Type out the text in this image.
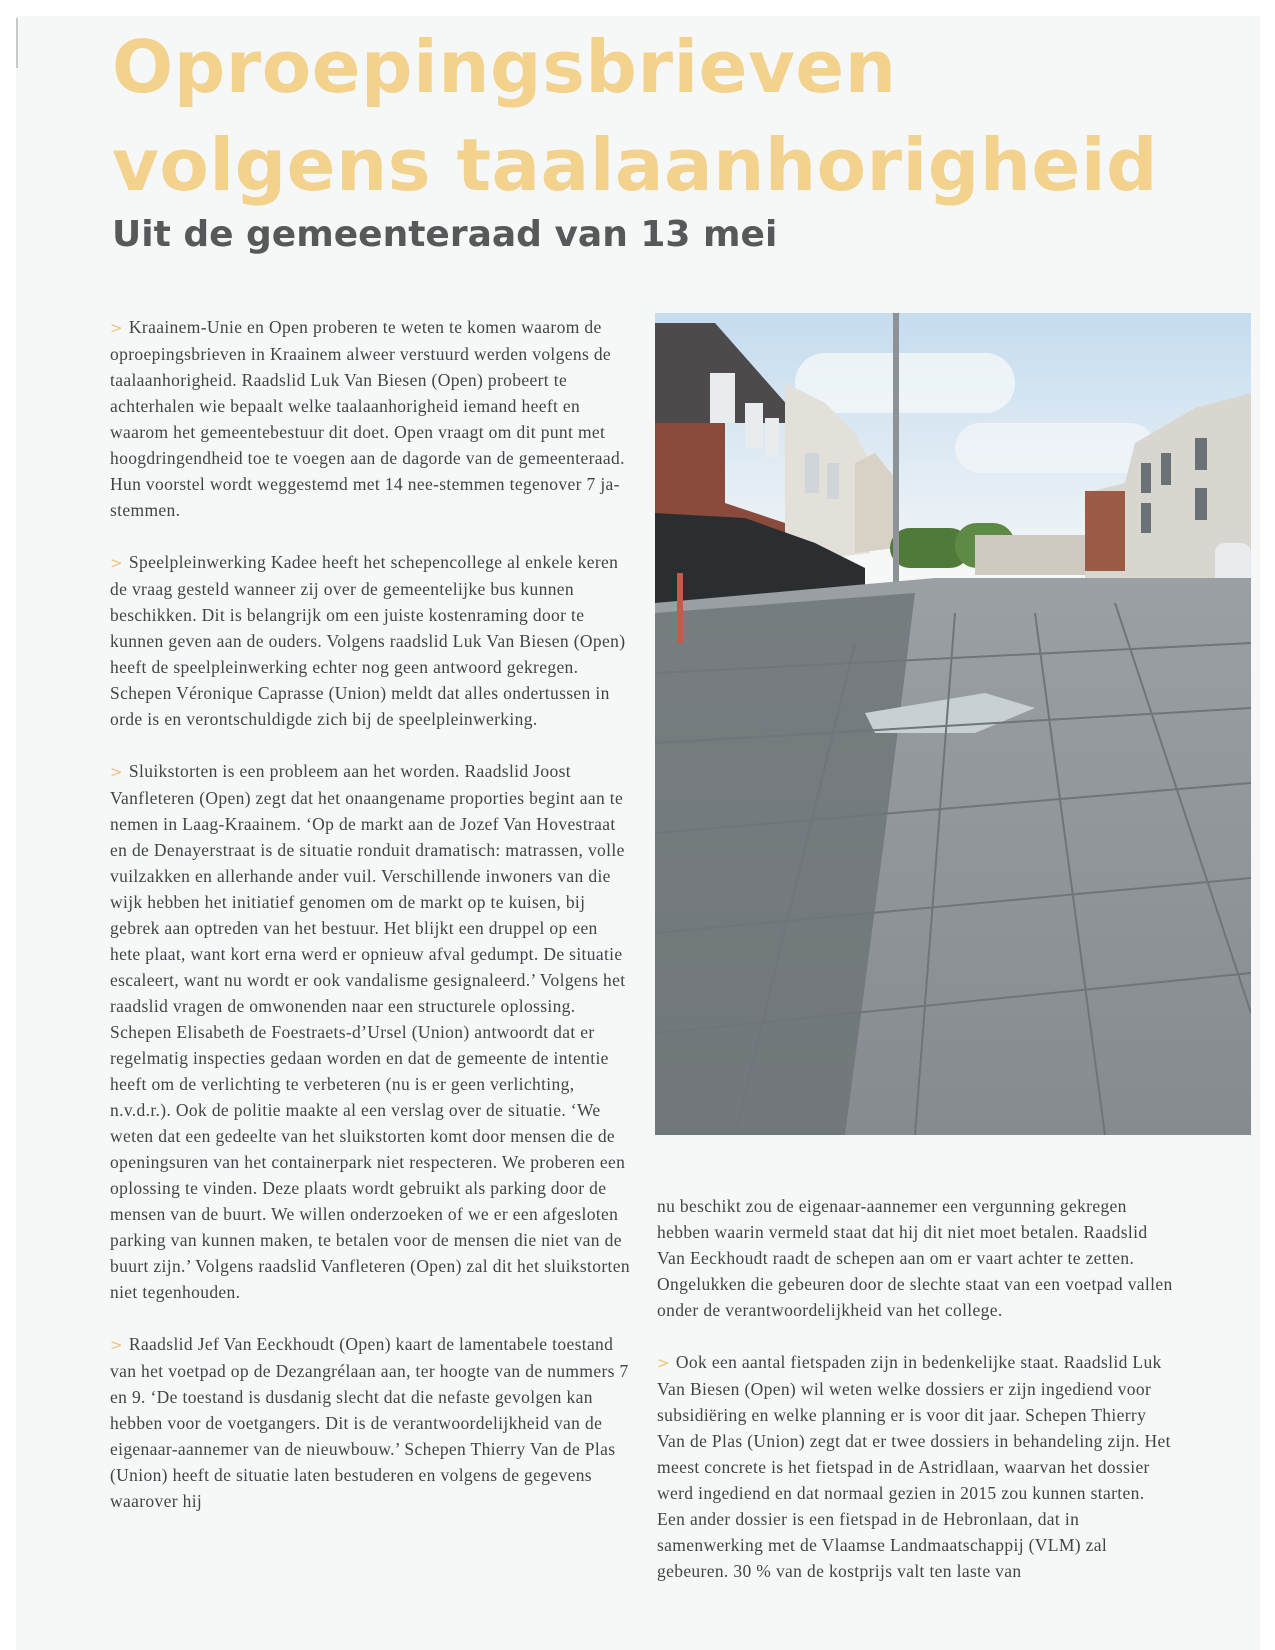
Oproepingsbrieven
volgens taalaanhorigheid
Uit de gemeenteraad van 13 mei

> Kraainem-Unie en Open proberen te weten te komen waarom de oproepingsbrieven in Kraainem alweer verstuurd werden volgens de taalaanhorigheid. Raadslid Luk Van Biesen (Open) probeert te achterhalen wie bepaalt welke taalaanhorigheid iemand heeft en waarom het gemeentebestuur dit doet. Open vraagt om dit punt met hoogdringendheid toe te voegen aan de dagorde van de gemeenteraad. Hun voorstel wordt weggestemd met 14 nee-stemmen tegenover 7 ja-stemmen.

> Speelpleinwerking Kadee heeft het schepencollege al enkele keren de vraag gesteld wanneer zij over de gemeentelijke bus kunnen beschikken. Dit is belangrijk om een juiste kostenraming door te kunnen geven aan de ouders. Volgens raadslid Luk Van Biesen (Open) heeft de speelpleinwerking echter nog geen antwoord gekregen. Schepen Véronique Caprasse (Union) meldt dat alles ondertussen in orde is en verontschuldigde zich bij de speelpleinwerking.

> Sluikstorten is een probleem aan het worden. Raadslid Joost Vanfleteren (Open) zegt dat het onaangename proporties begint aan te nemen in Laag-Kraainem. ‘Op de markt aan de Jozef Van Hovestraat en de Denayerstraat is de situatie ronduit dramatisch: matrassen, volle vuilzakken en allerhande ander vuil. Verschillende inwoners van die wijk hebben het initiatief genomen om de markt op te kuisen, bij gebrek aan optreden van het bestuur. Het blijkt een druppel op een hete plaat, want kort erna werd er opnieuw afval gedumpt. De situatie escaleert, want nu wordt er ook vandalisme gesignaleerd.’ Volgens het raadslid vragen de omwonenden naar een structurele oplossing. Schepen Elisabeth de Foestraets-d’Ursel (Union) antwoordt dat er regelmatig inspecties gedaan worden en dat de gemeente de intentie heeft om de verlichting te verbeteren (nu is er geen verlichting, n.v.d.r.). Ook de politie maakte al een verslag over de situatie. ‘We weten dat een gedeelte van het sluikstorten komt door mensen die de openingsuren van het containerpark niet respecteren. We proberen een oplossing te vinden. Deze plaats wordt gebruikt als parking door de mensen van de buurt. We willen onderzoeken of we er een afgesloten parking van kunnen maken, te betalen voor de mensen die niet van de buurt zijn.’ Volgens raadslid Vanfleteren (Open) zal dit het sluikstorten niet tegenhouden.

> Raadslid Jef Van Eeckhoudt (Open) kaart de lamentabele toestand van het voetpad op de Dezangrélaan aan, ter hoogte van de nummers 7 en 9. ‘De toestand is dusdanig slecht dat die nefaste gevolgen kan hebben voor de voetgangers. Dit is de verantwoordelijkheid van de eigenaar-aannemer van de nieuwbouw.’ Schepen Thierry Van de Plas (Union) heeft de situatie laten bestuderen en volgens de gegevens waarover hij

nu beschikt zou de eigenaar-aannemer een vergunning gekregen hebben waarin vermeld staat dat hij dit niet moet betalen. Raadslid Van Eeckhoudt raadt de schepen aan om er vaart achter te zetten. Ongelukken die gebeuren door de slechte staat van een voetpad vallen onder de verantwoordelijkheid van het college.

> Ook een aantal fietspaden zijn in bedenkelijke staat. Raadslid Luk Van Biesen (Open) wil weten welke dossiers er zijn ingediend voor subsidiëring en welke planning er is voor dit jaar. Schepen Thierry Van de Plas (Union) zegt dat er twee dossiers in behandeling zijn. Het meest concrete is het fietspad in de Astridlaan, waarvan het dossier werd ingediend en dat normaal gezien in 2015 zou kunnen starten. Een ander dossier is een fietspad in de Hebronlaan, dat in samenwerking met de Vlaamse Landmaatschappij (VLM) zal gebeuren. 30 % van de kostprijs valt ten laste van
